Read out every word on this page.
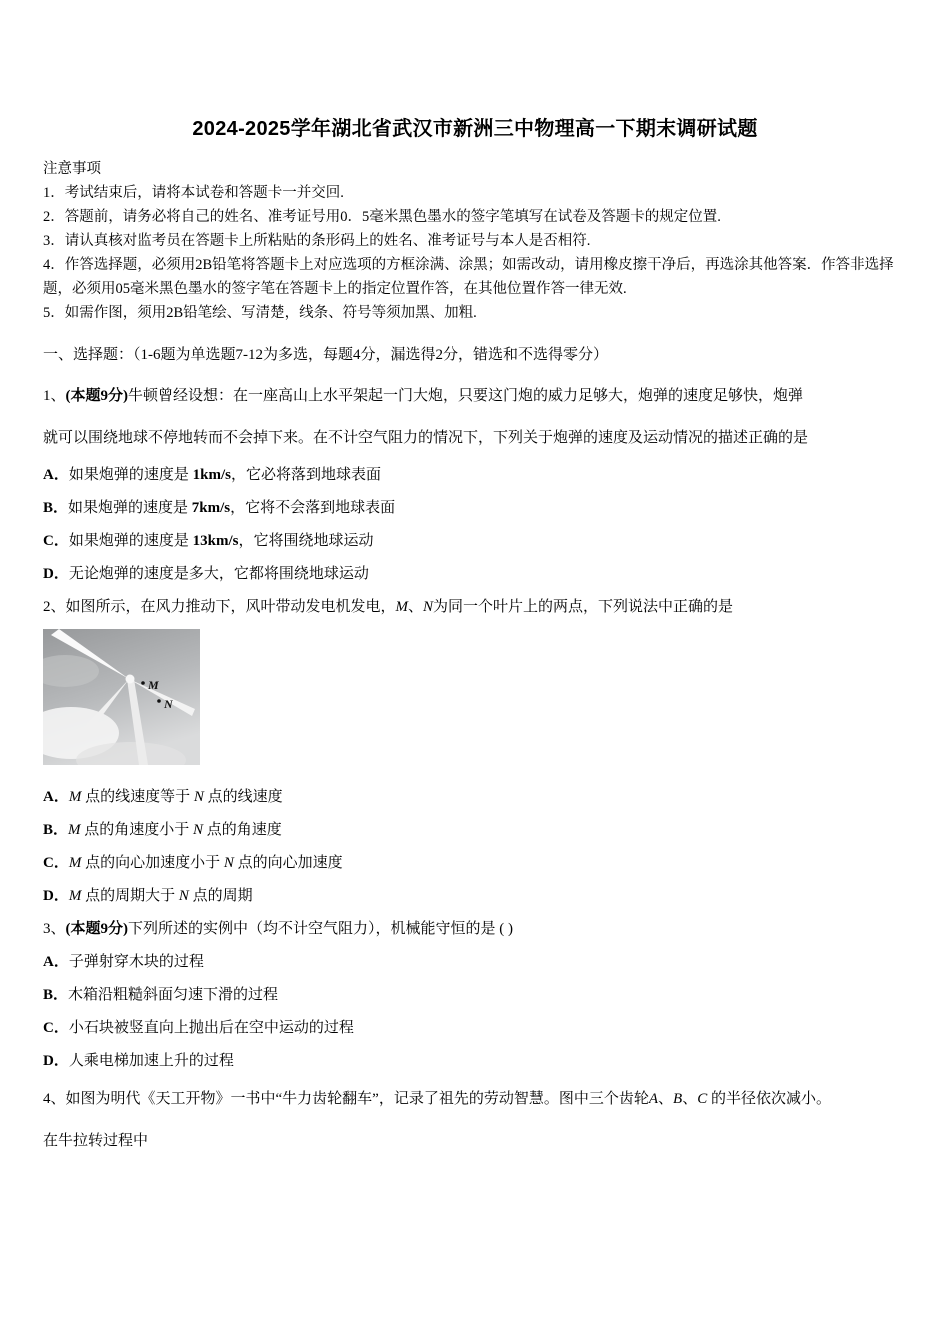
2024-2025学年湖北省武汉市新洲三中物理高一下期末调研试题

注意事项

1．考试结束后，请将本试卷和答题卡一并交回.

2．答题前，请务必将自己的姓名、准考证号用0．5毫米黑色墨水的签字笔填写在试卷及答题卡的规定位置.

3．请认真核对监考员在答题卡上所粘贴的条形码上的姓名、准考证号与本人是否相符.

4．作答选择题，必须用2B铅笔将答题卡上对应选项的方框涂满、涂黑；如需改动，请用橡皮擦干净后，再选涂其他答案．作答非选择题，必须用05毫米黑色墨水的签字笔在答题卡上的指定位置作答，在其他位置作答一律无效.

5．如需作图，须用2B铅笔绘、写清楚，线条、符号等须加黑、加粗.

一、选择题：（1-6题为单选题7-12为多选，每题4分，漏选得2分，错选和不选得零分）

1、(本题9分)牛顿曾经设想：在一座高山上水平架起一门大炮，只要这门炮的威力足够大，炮弹的速度足够快，炮弹

就可以围绕地球不停地转而不会掉下来。在不计空气阻力的情况下，下列关于炮弹的速度及运动情况的描述正确的是

A．如果炮弹的速度是 1km/s，它必将落到地球表面

B．如果炮弹的速度是 7km/s，它将不会落到地球表面

C．如果炮弹的速度是 13km/s，它将围绕地球运动

D．无论炮弹的速度是多大，它都将围绕地球运动

2、如图所示，在风力推动下，风叶带动发电机发电，M、N为同一个叶片上的两点，下列说法中正确的是

M
N

A．M 点的线速度等于 N 点的线速度

B．M 点的角速度小于 N 点的角速度

C．M 点的向心加速度小于 N 点的向心加速度

D．M 点的周期大于 N 点的周期

3、(本题9分)下列所述的实例中（均不计空气阻力），机械能守恒的是 ( )

A．子弹射穿木块的过程

B．木箱沿粗糙斜面匀速下滑的过程

C．小石块被竖直向上抛出后在空中运动的过程

D．人乘电梯加速上升的过程

4、如图为明代《天工开物》一书中“牛力齿轮翻车”，记录了祖先的劳动智慧。图中三个齿轮A、B、C 的半径依次减小。

在牛拉转过程中
